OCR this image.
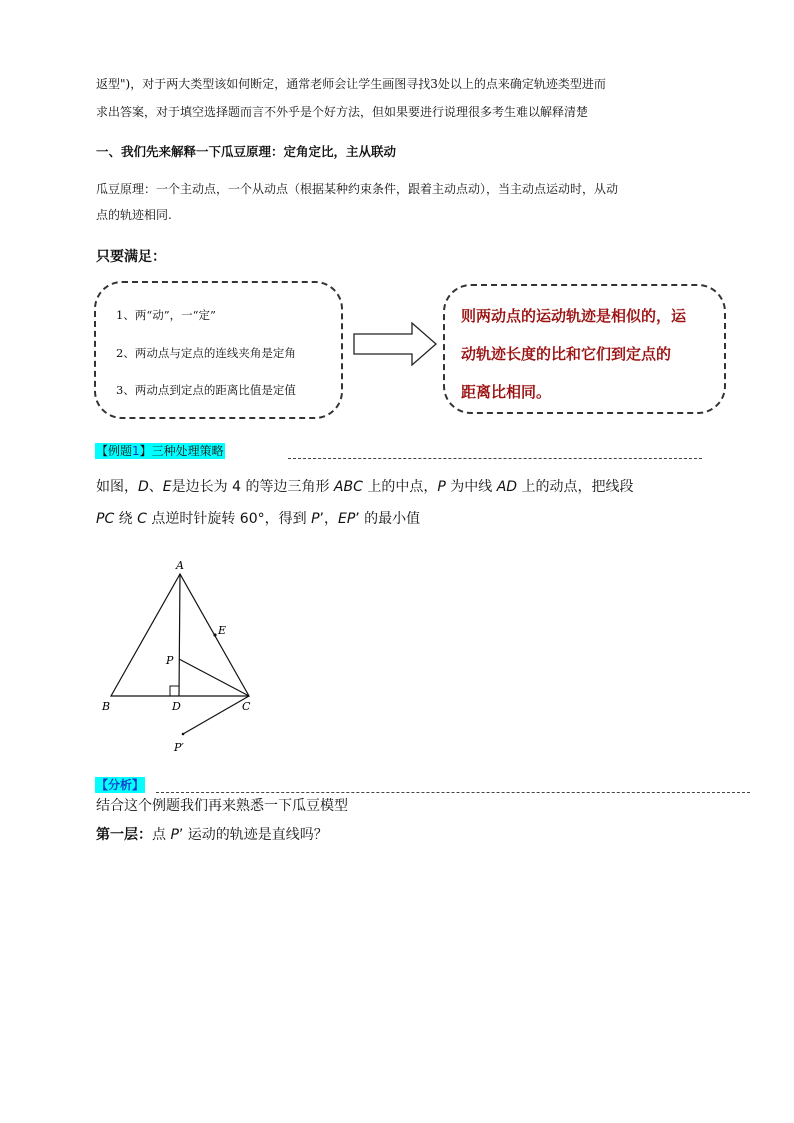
返型")，对于两大类型该如何断定，通常老师会让学生画图寻找3处以上的点来确定轨迹类型进而
求出答案，对于填空选择题而言不外乎是个好方法，但如果要进行说理很多考生难以解释清楚
一、我们先来解释一下瓜豆原理：定角定比，主从联动
瓜豆原理：一个主动点，一个从动点（根据某种约束条件，跟着主动点动），当主动点运动时，从动
点的轨迹相同.
只要满足：
1、两“动”，一“定”
2、两动点与定点的连线夹角是定角
3、两动点到定点的距离比值是定值
则两动点的运动轨迹是相似的，运
动轨迹长度的比和它们到定点的
距离比相同。
【例题1】三种处理策略
如图，D、E是边长为 4 的等边三角形 ABC 上的中点，P 为中线 AD 上的动点，把线段
PC 绕 C 点逆时针旋转 60°，得到 P’，EP’ 的最小值
A
B	D	C
E
P
P′
【分析】
结合这个例题我们再来熟悉一下瓜豆模型
第一层：点 P’ 运动的轨迹是直线吗？
